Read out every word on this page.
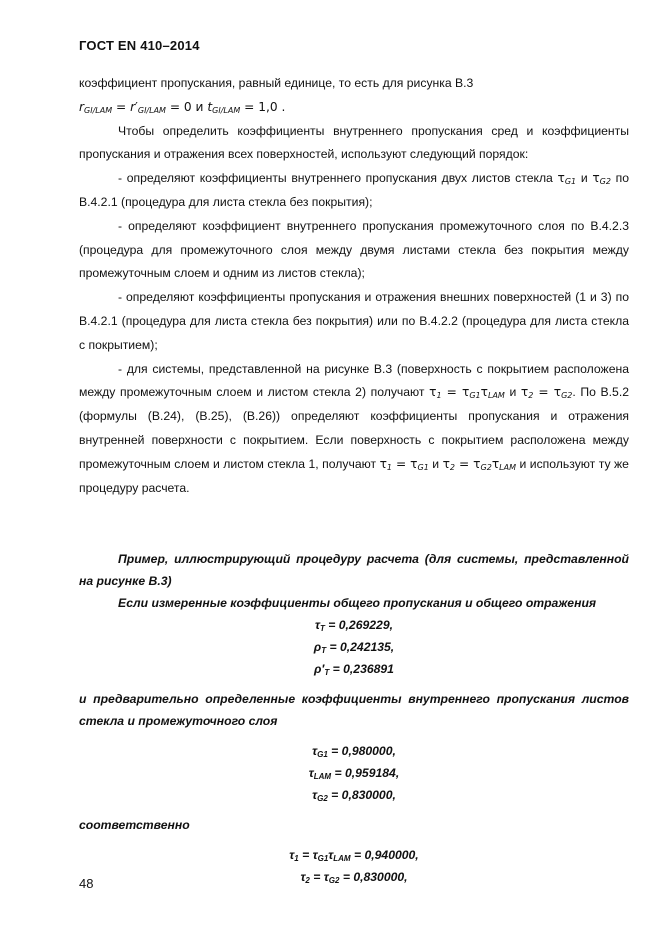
ГОСТ EN 410–2014

коэффициент пропускания, равный единице, то есть для рисунка В.3
$r_{GI/LAM} = r'_{GI/LAM} = 0$ и $t_{GI/LAM} = 1,0$ .

Чтобы определить коэффициенты внутреннего пропускания сред и коэффициенты пропускания и отражения всех поверхностей, используют следующий порядок:

- определяют коэффициенты внутреннего пропускания двух листов стекла $\tau_{G1}$ и $\tau_{G2}$ по В.4.2.1 (процедура для листа стекла без покрытия);

- определяют коэффициент внутреннего пропускания промежуточного слоя по В.4.2.3 (процедура для промежуточного слоя между двумя листами стекла без покрытия между промежуточным слоем и одним из листов стекла);

- определяют коэффициенты пропускания и отражения внешних поверхностей (1 и 3) по В.4.2.1 (процедура для листа стекла без покрытия) или по В.4.2.2 (процедура для листа стекла с покрытием);

- для системы, представленной на рисунке В.3 (поверхность с покрытием расположена между промежуточным слоем и листом стекла 2) получают $\tau_1 = \tau_{G1}\tau_{LAM}$ и $\tau_2 = \tau_{G2}$. По В.5.2 (формулы (В.24), (В.25), (В.26)) определяют коэффициенты пропускания и отражения внутренней поверхности с покрытием. Если поверхность с покрытием расположена между промежуточным слоем и листом стекла 1, получают $\tau_1 = \tau_{G1}$ и $\tau_2 = \tau_{G2}\tau_{LAM}$ и используют ту же процедуру расчета.

Пример, иллюстрирующий процедуру расчета (для системы, представленной на рисунке В.3)

Если измеренные коэффициенты общего пропускания и общего отражения

$\tau_T = 0,269229$,

$\rho_T = 0,242135$,

$\rho'_T = 0,236891$

и предварительно определенные коэффициенты внутреннего пропускания листов стекла и промежуточного слоя

$\tau_{G1} = 0,980000$,

$\tau_{LAM} = 0,959184$,

$\tau_{G2} = 0,830000$,

соответственно

$\tau_1 = \tau_{G1}\tau_{LAM} = 0,940000$,

$\tau_2 = \tau_{G2} = 0,830000$,

48
